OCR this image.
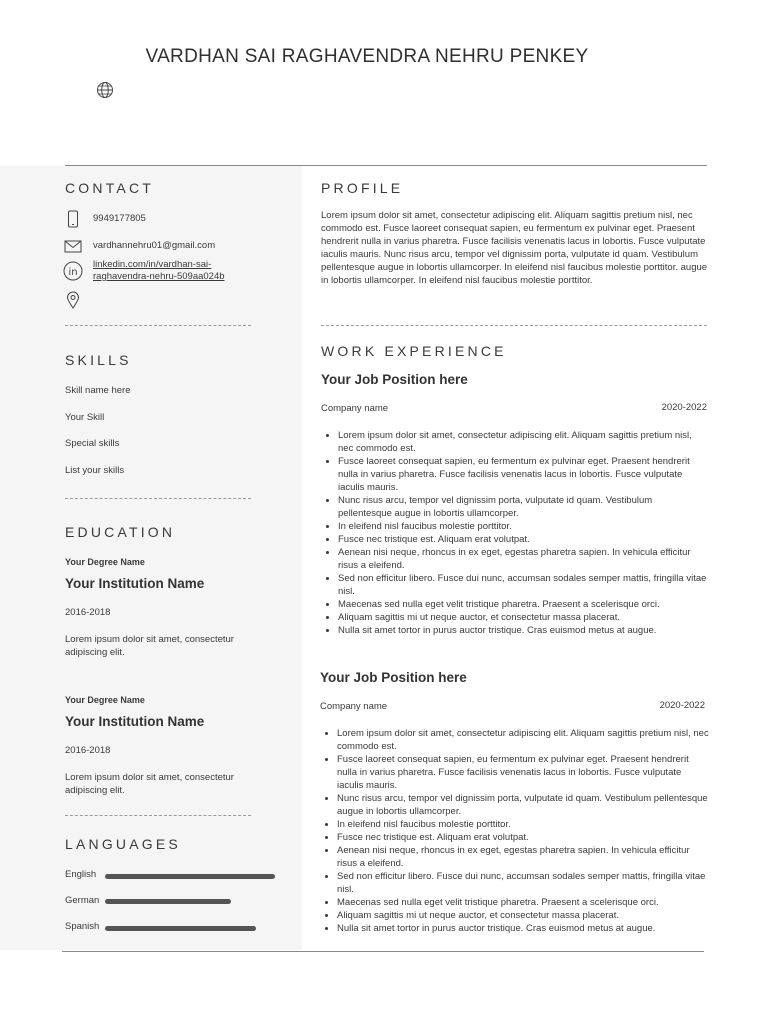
VARDHAN SAI RAGHAVENDRA NEHRU PENKEY
CONTACT
9949177805
vardhannehru01@gmail.com
in
linkedin.com/in/vardhan-sai-
raghavendra-nehru-509aa024b
SKILLS
Skill name here
Your Skill
Special skills
List your skills
EDUCATION
Your Degree Name
Your Institution Name
2016-2018
Lorem ipsum dolor sit amet, consectetur adipiscing elit.
Your Degree Name
Your Institution Name
2016-2018
Lorem ipsum dolor sit amet, consectetur adipiscing elit.
LANGUAGES
English
German
Spanish
PROFILE

Lorem ipsum dolor sit amet, consectetur adipiscing elit. Aliquam sagittis pretium nisl, nec commodo est. Fusce laoreet consequat sapien, eu fermentum ex pulvinar eget. Praesent hendrerit nulla in varius pharetra. Fusce facilisis venenatis lacus in lobortis. Fusce vulputate iaculis mauris. Nunc risus arcu, tempor vel dignissim porta, vulputate id quam. Vestibulum pellentesque augue in lobortis ullamcorper. In eleifend nisl faucibus molestie porttitor. augue in lobortis ullamcorper. In eleifend nisl faucibus molestie porttitor.

WORK EXPERIENCE
Your Job Position here
Company name	2020-2022
• Lorem ipsum dolor sit amet, consectetur adipiscing elit. Aliquam sagittis pretium nisl, nec commodo est.
• Fusce laoreet consequat sapien, eu fermentum ex pulvinar eget. Praesent hendrerit nulla in varius pharetra. Fusce facilisis venenatis lacus in lobortis. Fusce vulputate iaculis mauris.
• Nunc risus arcu, tempor vel dignissim porta, vulputate id quam. Vestibulum pellentesque augue in lobortis ullamcorper.
• In eleifend nisl faucibus molestie porttitor.
• Fusce nec tristique est. Aliquam erat volutpat.
• Aenean nisi neque, rhoncus in ex eget, egestas pharetra sapien. In vehicula efficitur risus a eleifend.
• Sed non efficitur libero. Fusce dui nunc, accumsan sodales semper mattis, fringilla vitae nisl.
• Maecenas sed nulla eget velit tristique pharetra. Praesent a scelerisque orci.
• Aliquam sagittis mi ut neque auctor, et consectetur massa placerat.
• Nulla sit amet tortor in purus auctor tristique. Cras euismod metus at augue.
Your Job Position here
Company name	2020-2022
• Lorem ipsum dolor sit amet, consectetur adipiscing elit. Aliquam sagittis pretium nisl, nec commodo est.
• Fusce laoreet consequat sapien, eu fermentum ex pulvinar eget. Praesent hendrerit nulla in varius pharetra. Fusce facilisis venenatis lacus in lobortis. Fusce vulputate iaculis mauris.
• Nunc risus arcu, tempor vel dignissim porta, vulputate id quam. Vestibulum pellentesque augue in lobortis ullamcorper.
• In eleifend nisl faucibus molestie porttitor.
• Fusce nec tristique est. Aliquam erat volutpat.
• Aenean nisi neque, rhoncus in ex eget, egestas pharetra sapien. In vehicula efficitur risus a eleifend.
• Sed non efficitur libero. Fusce dui nunc, accumsan sodales semper mattis, fringilla vitae nisl.
• Maecenas sed nulla eget velit tristique pharetra. Praesent a scelerisque orci.
• Aliquam sagittis mi ut neque auctor, et consectetur massa placerat.
• Nulla sit amet tortor in purus auctor tristique. Cras euismod metus at augue.
